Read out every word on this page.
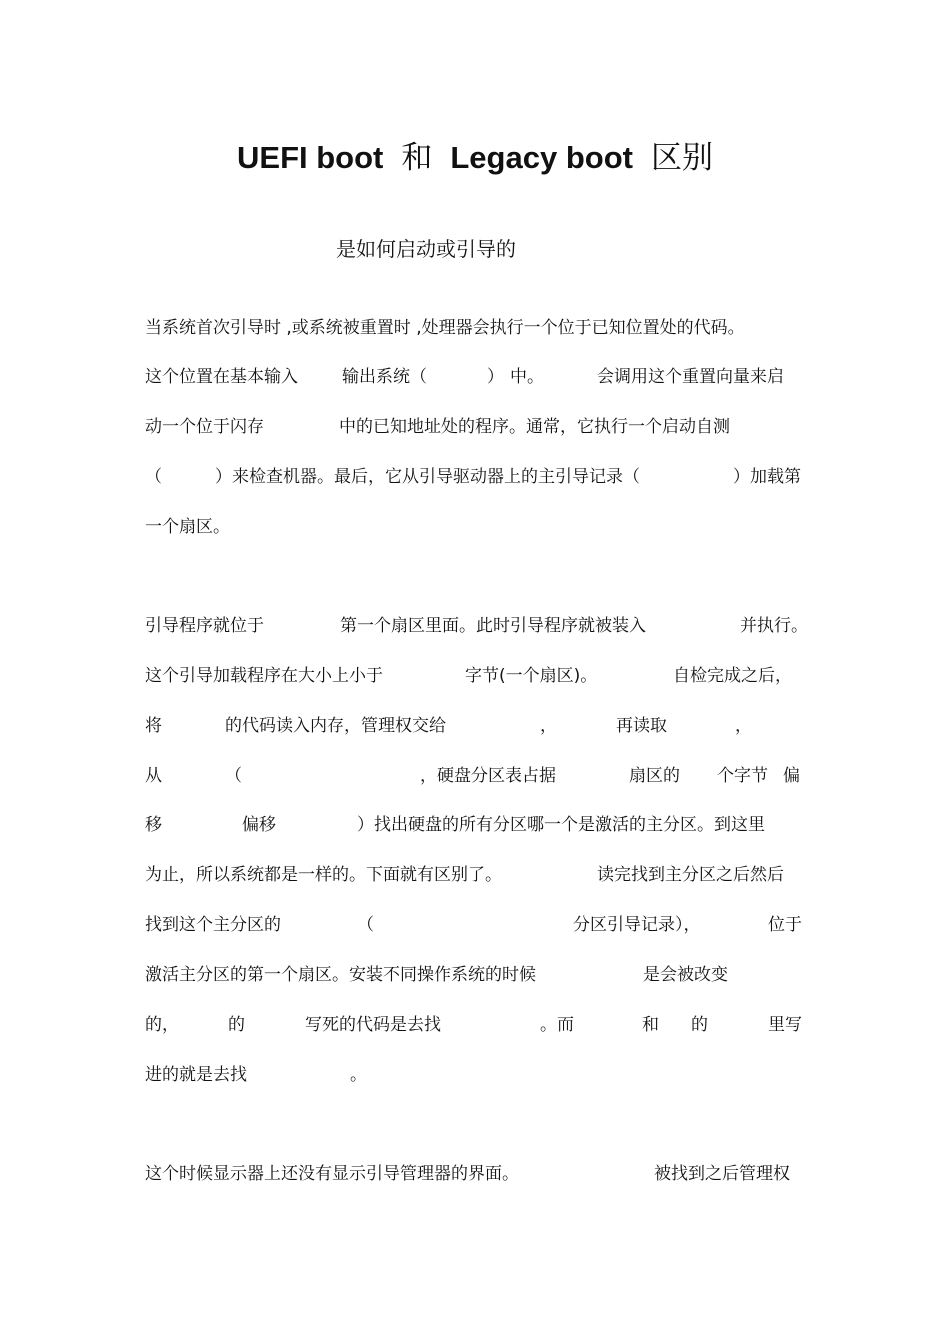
UEFI boot 和 Legacy boot 区别
是如何启动或引导的
当系统首次引导时 ,或系统被重置时 ,处理器会执行一个位于已知位置处的代码。
这个位置在基本输入	输出系统（	） 中。	会调用这个重置向量来启
动一个位于闪存	中的已知地址处的程序。通常，它执行一个启动自测
（	）来检查机器。最后，它从引导驱动器上的主引导记录（	）加载第
一个扇区。
引导程序就位于	第一个扇区里面。此时引导程序就被装入	并执行。
这个引导加载程序在大小上小于	字节(一个扇区)。	自检完成之后，
将	的代码读入内存，管理权交给	，	再读取	，
从	（	，硬盘分区表占据	扇区的 个字节 偏
移	偏移	）找出硬盘的所有分区哪一个是激活的主分区。到这里
为止，所以系统都是一样的。下面就有区别了。	读完找到主分区之后然后
找到这个主分区的	（	分区引导记录），	位于
激活主分区的第一个扇区。安装不同操作系统的时候	是会被改变
的，	的	写死的代码是去找	。而	和 的	里写
进的就是去找	。
这个时候显示器上还没有显示引导管理器的界面。	被找到之后管理权
